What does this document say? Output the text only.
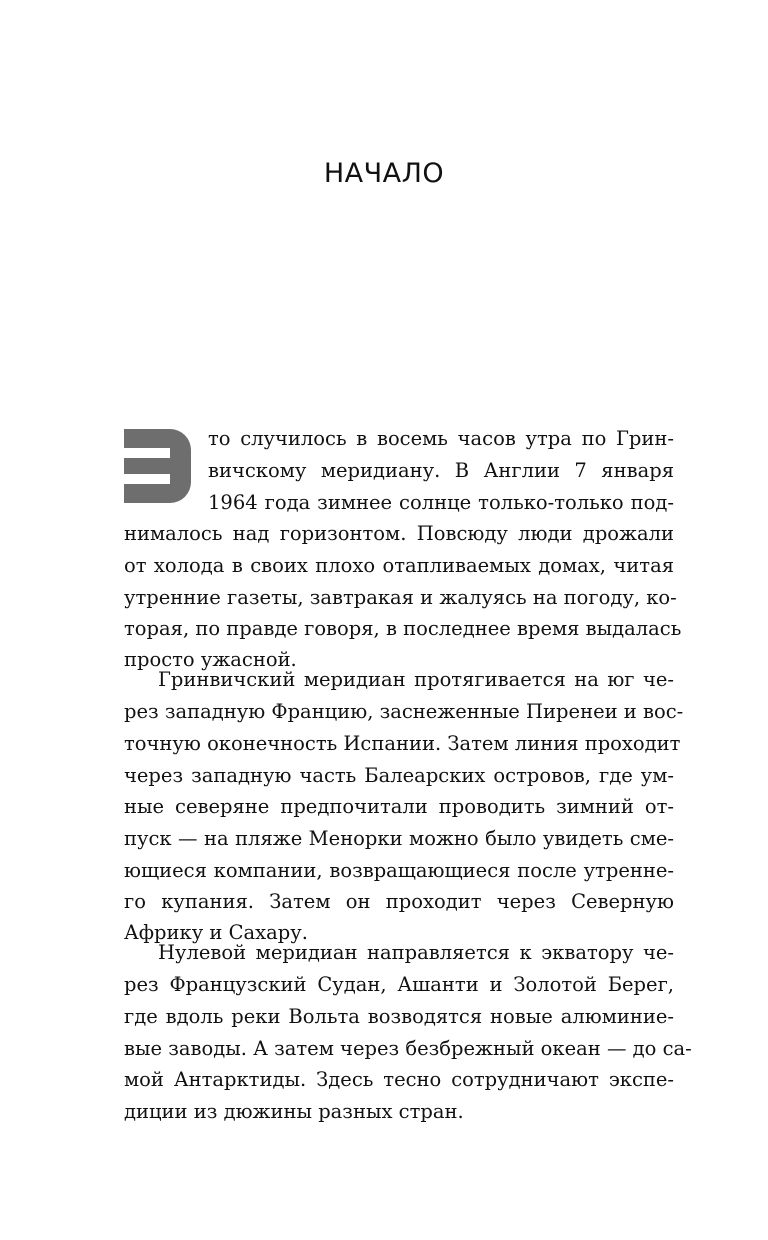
НАЧАЛО
то случилось в восемь часов утра по Грин-
вичскому меридиану. В Англии 7 января
1964 года зимнее солнце только-только под-
нималось над горизонтом. Повсюду люди дрожали
от холода в своих плохо отапливаемых домах, читая
утренние газеты, завтракая и жалуясь на погоду, ко-
торая, по правде говоря, в последнее время выдалась
просто ужасной.
Гринвичский меридиан протягивается на юг че-
рез западную Францию, заснеженные Пиренеи и вос-
точную оконечность Испании. Затем линия проходит
через западную часть Балеарских островов, где ум-
ные северяне предпочитали проводить зимний от-
пуск — на пляже Менорки можно было увидеть сме-
ющиеся компании, возвращающиеся после утренне-
го купания. Затем он проходит через Северную
Африку и Сахару.
Нулевой меридиан направляется к экватору че-
рез Французский Судан, Ашанти и Золотой Берег,
где вдоль реки Вольта возводятся новые алюминие-
вые заводы. А затем через безбрежный океан — до са-
мой Антарктиды. Здесь тесно сотрудничают экспе-
диции из дюжины разных стран.
